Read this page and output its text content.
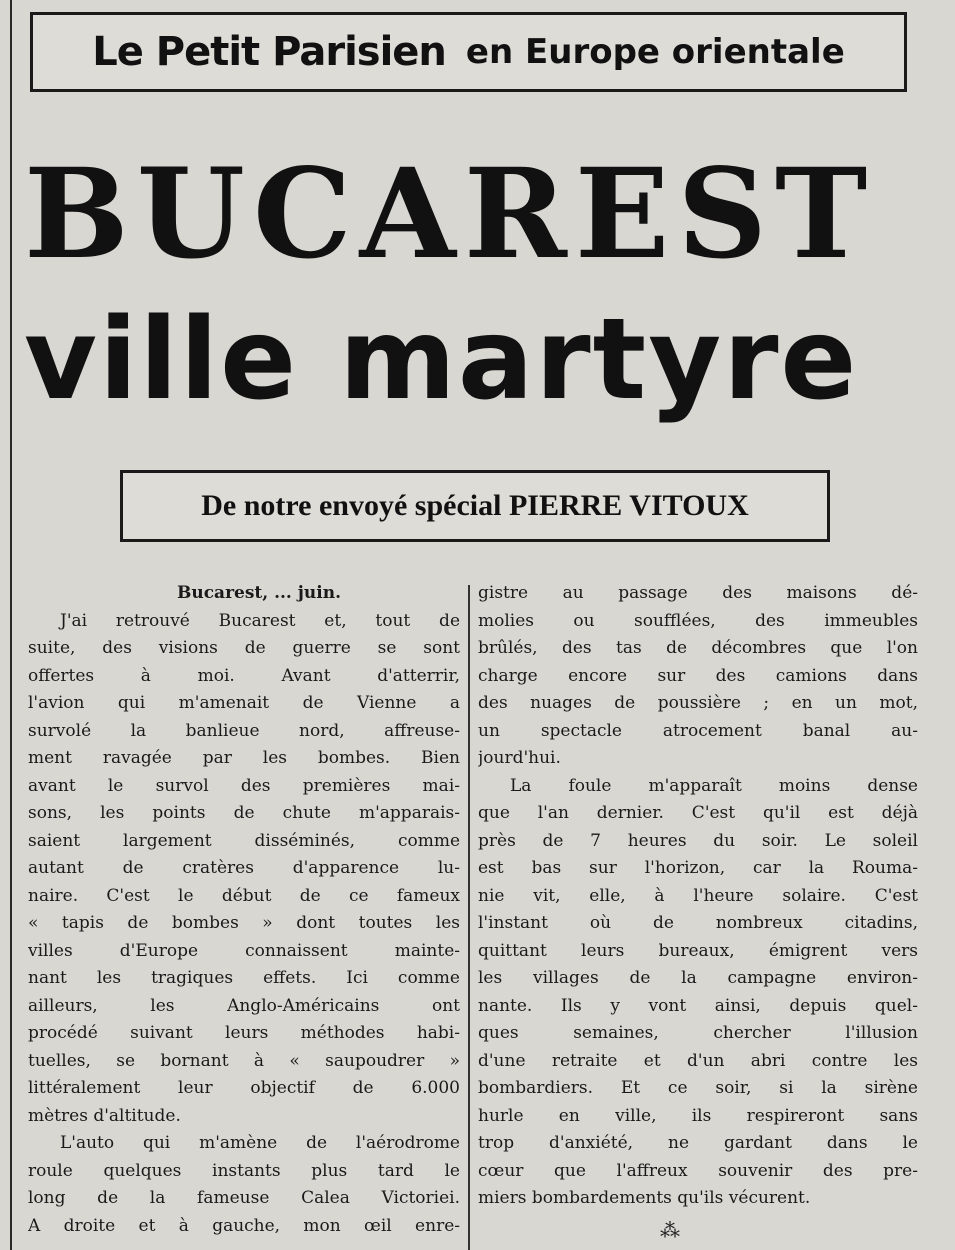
Le Petit Parisien en Europe orientale
BUCAREST
ville martyre
De notre envoyé spécial PIERRE VITOUX
Bucarest, ... juin.
J'ai retrouvé Bucarest et, tout de
suite, des visions de guerre se sont
offertes à moi. Avant d'atterrir,
l'avion qui m'amenait de Vienne a
survolé la banlieue nord, affreuse-
ment ravagée par les bombes. Bien
avant le survol des premières mai-
sons, les points de chute m'apparais-
saient largement disséminés, comme
autant de cratères d'apparence lu-
naire. C'est le début de ce fameux
« tapis de bombes » dont toutes les
villes d'Europe connaissent mainte-
nant les tragiques effets. Ici comme
ailleurs, les Anglo-Américains ont
procédé suivant leurs méthodes habi-
tuelles, se bornant à « saupoudrer »
littéralement leur objectif de 6.000
mètres d'altitude.
L'auto qui m'amène de l'aérodrome
roule quelques instants plus tard le
long de la fameuse Calea Victoriei.
A droite et à gauche, mon œil enre-
gistre au passage des maisons dé-
molies ou soufflées, des immeubles
brûlés, des tas de décombres que l'on
charge encore sur des camions dans
des nuages de poussière ; en un mot,
un spectacle atrocement banal au-
jourd'hui.
La foule m'apparaît moins dense
que l'an dernier. C'est qu'il est déjà
près de 7 heures du soir. Le soleil
est bas sur l'horizon, car la Rouma-
nie vit, elle, à l'heure solaire. C'est
l'instant où de nombreux citadins,
quittant leurs bureaux, émigrent vers
les villages de la campagne environ-
nante. Ils y vont ainsi, depuis quel-
ques semaines, chercher l'illusion
d'une retraite et d'un abri contre les
bombardiers. Et ce soir, si la sirène
hurle en ville, ils respireront sans
trop d'anxiété, ne gardant dans le
cœur que l'affreux souvenir des pre-
miers bombardements qu'ils vécurent.
⁂
